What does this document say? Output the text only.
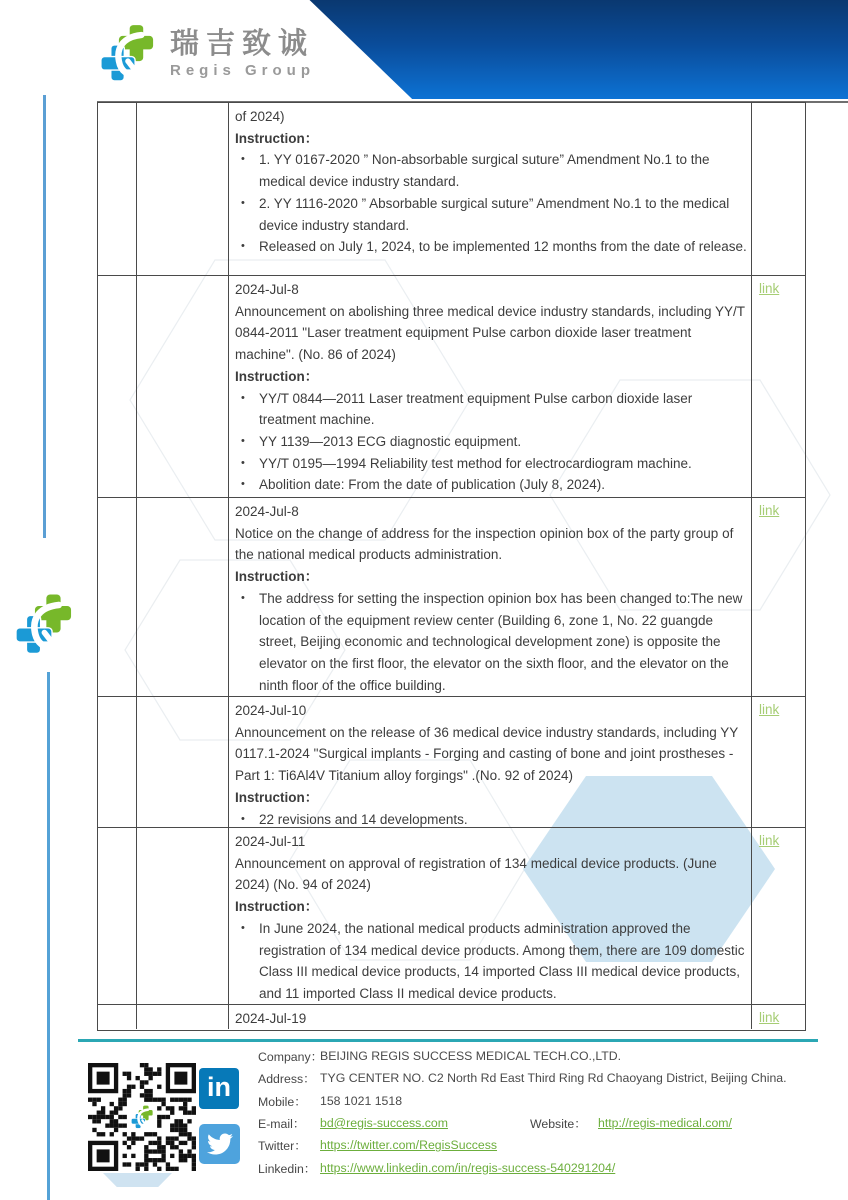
瑞吉致诚
Regis Group
of 2024)
Instruction：
•	1. YY 0167-2020 ” Non-absorbable surgical suture” Amendment No.1 to the medical device industry standard.
•	2. YY 1116-2020 ” Absorbable surgical suture” Amendment No.1 to the medical device industry standard.
•	Released on July 1, 2024, to be implemented 12 months from the date of release.
2024-Jul-8
Announcement on abolishing three medical device industry standards, including YY/T 0844-2011 "Laser treatment equipment Pulse carbon dioxide laser treatment machine". (No. 86 of 2024)
Instruction：
•	YY/T 0844—2011 Laser treatment equipment Pulse carbon dioxide laser treatment machine.
•	YY 1139—2013 ECG diagnostic equipment.
•	YY/T 0195—1994 Reliability test method for electrocardiogram machine.
•	Abolition date: From the date of publication (July 8, 2024).
link
2024-Jul-8
Notice on the change of address for the inspection opinion box of the party group of the national medical products administration.
Instruction：
•	The address for setting the inspection opinion box has been changed to:The new location of the equipment review center (Building 6, zone 1, No. 22 guangde street, Beijing economic and technological development zone) is opposite the elevator on the first floor, the elevator on the sixth floor, and the elevator on the ninth floor of the office building.
link
2024-Jul-10
Announcement on the release of 36 medical device industry standards, including YY 0117.1-2024 "Surgical implants - Forging and casting of bone and joint prostheses - Part 1: Ti6Al4V Titanium alloy forgings" .(No. 92 of 2024)
Instruction：
•	22 revisions and 14 developments.
link
2024-Jul-11
Announcement on approval of registration of 134 medical device products. (June 2024) (No. 94 of 2024)
Instruction：
•	In June 2024, the national medical products administration approved the registration of 134 medical device products. Among them, there are 109 domestic Class III medical device products, 14 imported Class III medical device products, and 11 imported Class II medical device products.
link
2024-Jul-19	link
in
Company：
BEIJING REGIS SUCCESS MEDICAL TECH.CO.,LTD.
Address： TYG CENTER NO. C2 North Rd East Third Ring Rd Chaoyang District, Beijing China.
Mobile：	158 1021 1518
E-mail：	bd@regis-success.com	Website： http://regis-medical.com/
Twitter：	https://twitter.com/RegisSuccess
Linkedin： https://www.linkedin.com/in/regis-success-540291204/
